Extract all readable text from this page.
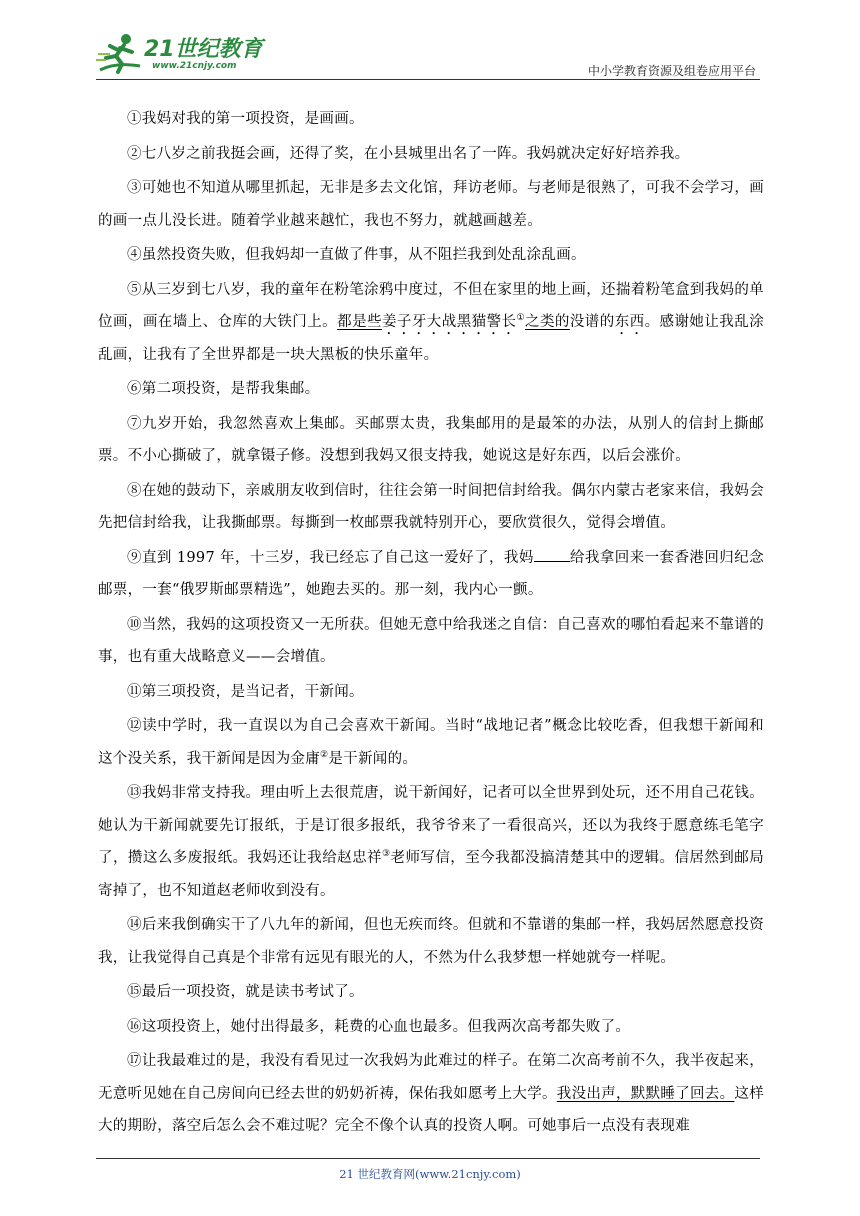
21世纪教育
www.21cnjy.com	中小学教育资源及组卷应用平台

①我妈对我的第一项投资，是画画。

②七八岁之前我挺会画，还得了奖，在小县城里出名了一阵。我妈就决定好好培养我。

③可她也不知道从哪里抓起，无非是多去文化馆，拜访老师。与老师是很熟了，可我不会学习，画的画一点儿没长进。随着学业越来越忙，我也不努力，就越画越差。

④虽然投资失败，但我妈却一直做了件事，从不阻拦我到处乱涂乱画。

⑤从三岁到七八岁，我的童年在粉笔涂鸦中度过，不但在家里的地上画，还揣着粉笔盒到我妈的单位画，画在墙上、仓库的大铁门上。都是些姜子牙大战黑猫警长①之类的没谱的东西。感谢她让我乱涂乱画，让我有了全世界都是一块大黑板的快乐童年。

⑥第二项投资，是帮我集邮。

⑦九岁开始，我忽然喜欢上集邮。买邮票太贵，我集邮用的是最笨的办法，从别人的信封上撕邮票。不小心撕破了，就拿镊子修。没想到我妈又很支持我，她说这是好东西，以后会涨价。

⑧在她的鼓动下，亲戚朋友收到信时，往往会第一时间把信封给我。偶尔内蒙古老家来信，我妈会先把信封给我，让我撕邮票。每撕到一枚邮票我就特别开心，要欣赏很久，觉得会增值。

⑨直到 1997 年，十三岁，我已经忘了自己这一爱好了，我妈 给我拿回来一套香港回归纪念邮票，一套“俄罗斯邮票精选”，她跑去买的。那一刻，我内心一颤。

⑩当然，我妈的这项投资又一无所获。但她无意中给我迷之自信：自己喜欢的哪怕看起来不靠谱的事，也有重大战略意义——会增值。

⑪第三项投资，是当记者，干新闻。

⑫读中学时，我一直误以为自己会喜欢干新闻。当时“战地记者”概念比较吃香，但我想干新闻和这个没关系，我干新闻是因为金庸②是干新闻的。

⑬我妈非常支持我。理由听上去很荒唐，说干新闻好，记者可以全世界到处玩，还不用自己花钱。她认为干新闻就要先订报纸，于是订很多报纸，我爷爷来了一看很高兴，还以为我终于愿意练毛笔字了，攒这么多废报纸。我妈还让我给赵忠祥③老师写信，至今我都没搞清楚其中的逻辑。信居然到邮局寄掉了，也不知道赵老师收到没有。

⑭后来我倒确实干了八九年的新闻，但也无疾而终。但就和不靠谱的集邮一样，我妈居然愿意投资我，让我觉得自己真是个非常有远见有眼光的人，不然为什么我梦想一样她就夸一样呢。

⑮最后一项投资，就是读书考试了。

⑯这项投资上，她付出得最多，耗费的心血也最多。但我两次高考都失败了。

⑰让我最难过的是，我没有看见过一次我妈为此难过的样子。在第二次高考前不久，我半夜起来，无意听见她在自己房间向已经去世的奶奶祈祷，保佑我如愿考上大学。我没出声，默默睡了回去。这样大的期盼，落空后怎么会不难过呢？完全不像个认真的投资人啊。可她事后一点没有表现难

21 世纪教育网(www.21cnjy.com)
